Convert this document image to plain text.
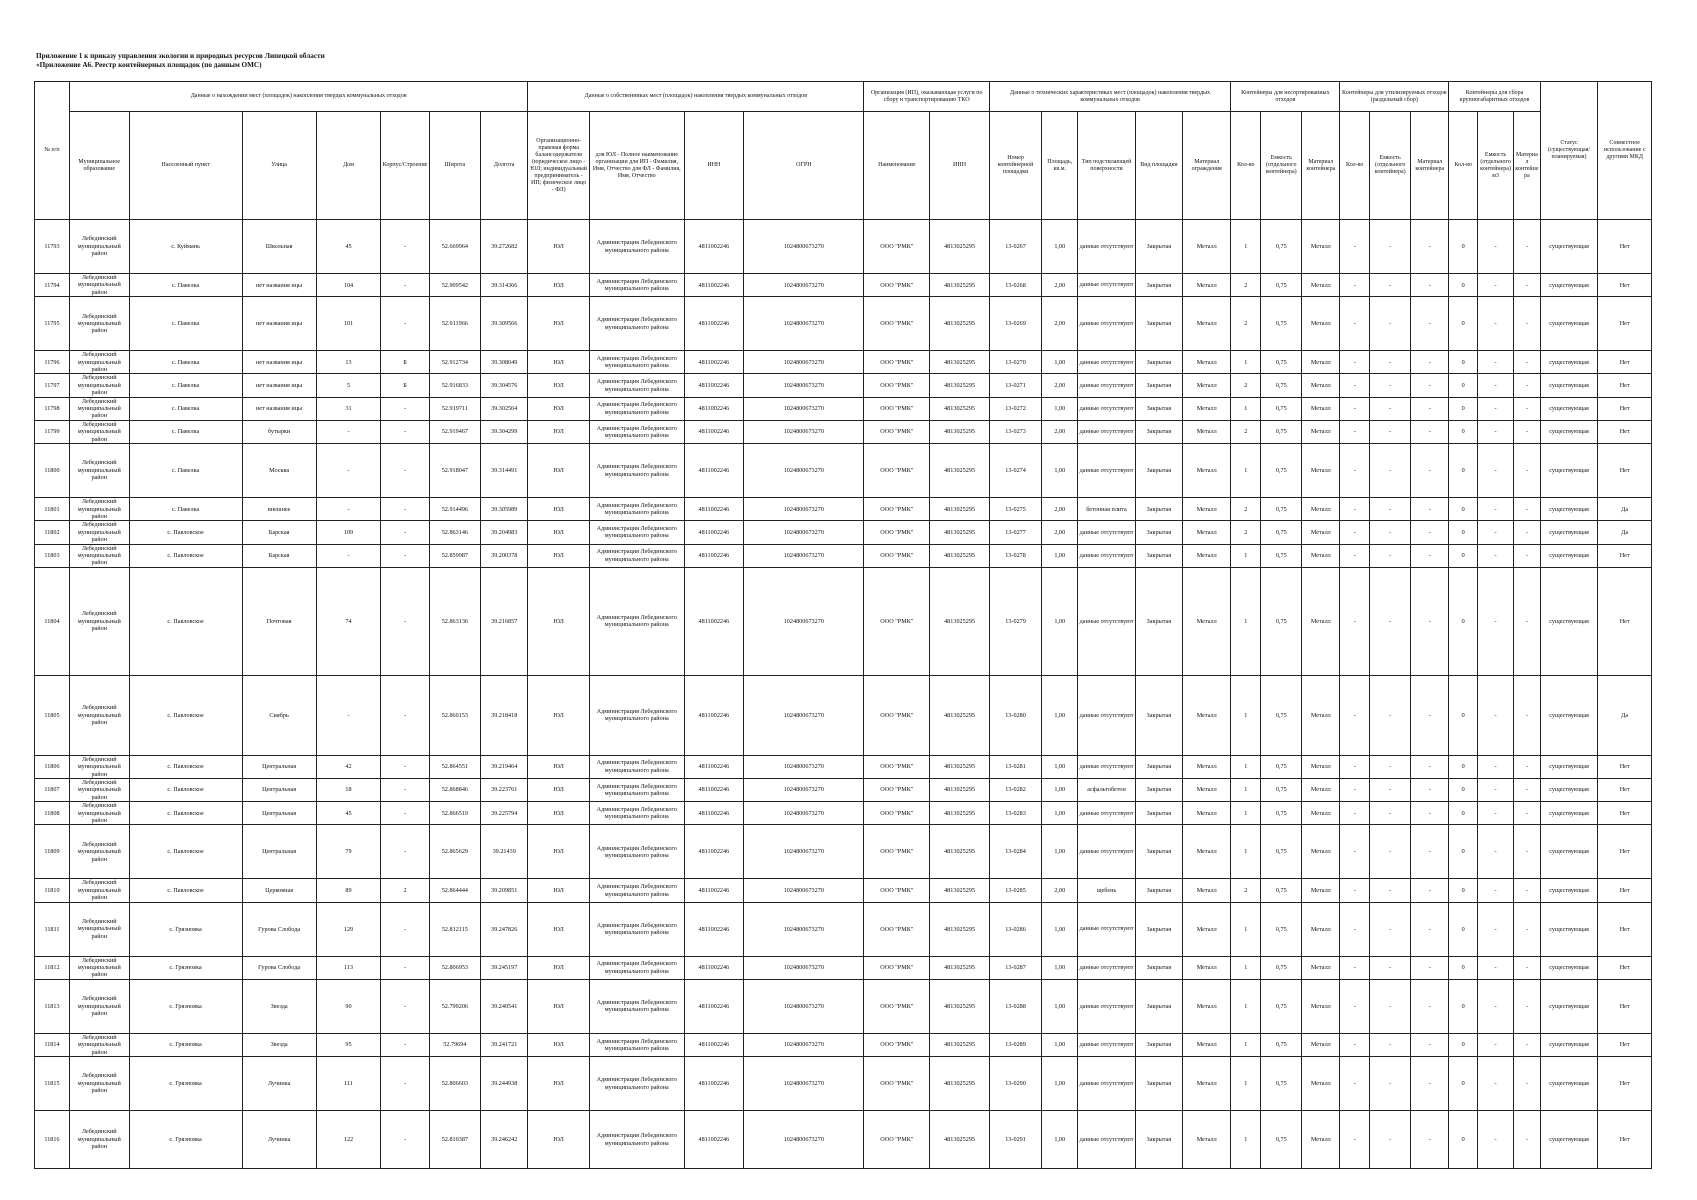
Приложение 1 к приказу управления экологии и природных ресурсов Липецкой области
«Приложение А6. Реестр контейнерных площадок (по данным ОМС)
№ п/п	Данные о нахождении мест (площадок) накопления твердых коммунальных отходов							Данные о собственниках мест (площадок) накопления твердых коммунальных отходов				Организация (ИП), оказывающая услуги по сбору и транспортированию ТКО		Данные о технических характеристиках мест (площадок) накопления твердых коммунальных отходов					Контейнеры для несортированных отходов			Контейнеры для утилизируемых отходов (раздельный сбор)			Контейнеры для сбора крупногабаритных отходов			Статус (существующая/планируемая)	Совместное использование с другими МКД
	Муниципальное образование	Населенный пункт	Улица	Дом	Корпус/Строение	Широта	Долгота	Организационно-правовая форма балансодержателя (юридическое лицо - ЮЛ; индивидуальный предприниматель - ИП; физическое лицо - ФЛ)	для ЮЛ - Полное наименование организации для ИП - Фамилия, Имя, Отчество для ФЛ - Фамилия, Имя, Отчество	ИНН	ОГРН	Наименование	ИНН	Номер контейнерной площадки	Площадь, кв.м.	Тип подстилающей поверхности	Вид площадки	Материал ограждения	Кол-во	Емкость (отдельного контейнера)	Материал контейнера	Кол-во	Емкость (отдельного контейнера)	Материал контейнера	Кол-во	Емкость (отдельного контейнера) м3	Материал контейнера		
11793	Лебединский муниципальный район	с. Куймань	Школьная	45	-	52.669964	39.272682	ЮЛ	Администрация Лебединского муниципального района	4811002246	1024800673270	ООО "РМК"	4813025295	13-0267	1,00	данные отсутствуют	Закрытая	Металл	1	0,75	Металл	-	-	-	0	-	-	существующая	Нет
11794	Лебединский муниципальный район	с. Павелка	нет названия ицы	104	-	52.909542	39.314366	ЮЛ	Администрация Лебединского муниципального района	4811002246	1024800673270	ООО "РМК"	4813025295	13-0268	2,00	данные отсутствуют	Закрытая	Металл	2	0,75	Металл	-	-	-	0	-	-	существующая	Нет
11795	Лебединский муниципальный район	с. Павелка	нет названия ицы	101	-	52.911966	39.309566	ЮЛ	Администрация Лебединского муниципального района	4811002246	1024800673270	ООО "РМК"	4813025295	13-0269	2,00	данные отсутствуют	Закрытая	Металл	2	0,75	Металл	-	-	-	0	-	-	существующая	Нет
11796	Лебединский муниципальный район	с. Павелка	нет названия ицы	13	Б	52.912734	39.308049	ЮЛ	Администрация Лебединского муниципального района	4811002246	1024800673270	ООО "РМК"	4813025295	13-0270	1,00	данные отсутствуют	Закрытая	Металл	1	0,75	Металл	-	-	-	0	-	-	существующая	Нет
11797	Лебединский муниципальный район	с. Павелка	нет названия ицы	5	Б	52.916833	39.304576	ЮЛ	Администрация Лебединского муниципального района	4811002246	1024800673270	ООО "РМК"	4813025295	13-0271	2,00	данные отсутствуют	Закрытая	Металл	2	0,75	Металл	-	-	-	0	-	-	существующая	Нет
11798	Лебединский муниципальный район	с. Павелка	нет названия ицы	31	-	52.919711	39.302564	ЮЛ	Администрация Лебединского муниципального района	4811002246	1024800673270	ООО "РМК"	4813025295	13-0272	1,00	данные отсутствуют	Закрытая	Металл	1	0,75	Металл	-	-	-	0	-	-	существующая	Нет
11799	Лебединский муниципальный район	с. Павелка	бутырки	-	-	52.919467	39.304299	ЮЛ	Администрация Лебединского муниципального района	4811002246	1024800673270	ООО "РМК"	4813025295	13-0273	2,00	данные отсутствуют	Закрытая	Металл	2	0,75	Металл	-	-	-	0	-	-	существующая	Нет
11800	Лебединский муниципальный район	с. Павелка	Москва	-	-	52.918047	39.314491	ЮЛ	Администрация Лебединского муниципального района	4811002246	1024800673270	ООО "РМК"	4813025295	13-0274	1,00	данные отсутствуют	Закрытая	Металл	1	0,75	Металл	-	-	-	0	-	-	существующая	Нет
11801	Лебединский муниципальный район	с. Павелка	внешнее	-	-	52.914496	39.305989	ЮЛ	Администрация Лебединского муниципального района	4811002246	1024800673270	ООО "РМК"	4813025295	13-0275	2,00	бетонная плита	Закрытая	Металл	2	0,75	Металл	-	-	-	0	-	-	существующая	Да
11802	Лебединский муниципальный район	с. Павловское	Барская	109	-	52.863146	39.204983	ЮЛ	Администрация Лебединского муниципального района	4811002246	1024800673270	ООО "РМК"	4813025295	13-0277	2,00	данные отсутствуют	Закрытая	Металл	2	0,75	Металл	-	-	-	0	-	-	существующая	Да
11803	Лебединский муниципальный район	с. Павловское	Барская	-	-	52.859987	39.200378	ЮЛ	Администрация Лебединского муниципального района	4811002246	1024800673270	ООО "РМК"	4813025295	13-0278	1,00	данные отсутствуют	Закрытая	Металл	1	0,75	Металл	-	-	-	0	-	-	существующая	Нет
11804	Лебединский муниципальный район	с. Павловское	Почтовая	74	-	52.863136	39.216857	ЮЛ	Администрация Лебединского муниципального района	4811002246	1024800673270	ООО "РМК"	4813025295	13-0279	1,00	данные отсутствуют	Закрытая	Металл	1	0,75	Металл	-	-	-	0	-	-	существующая	Нет
11805	Лебединский муниципальный район	с. Павловское	Сиябрь	-	-	52.860153	39.218418	ЮЛ	Администрация Лебединского муниципального района	4811002246	1024800673270	ООО "РМК"	4813025295	13-0280	1,00	данные отсутствуют	Закрытая	Металл	1	0,75	Металл	-	-	-	0	-	-	существующая	Да
11806	Лебединский муниципальный район	с. Павловское	Центральная	42	-	52.864551	39.219464	ЮЛ	Администрация Лебединского муниципального района	4811002246	1024800673270	ООО "РМК"	4813025295	13-0281	1,00	данные отсутствуют	Закрытая	Металл	1	0,75	Металл	-	-	-	0	-	-	существующая	Нет
11807	Лебединский муниципальный район	с. Павловское	Центральная	18	-	52.868846	39.223761	ЮЛ	Администрация Лебединского муниципального района	4811002246	1024800673270	ООО "РМК"	4813025295	13-0282	1,00	асфальтобетон	Закрытая	Металл	1	0,75	Металл	-	-	-	0	-	-	существующая	Нет
11808	Лебединский муниципальный район	с. Павловское	Центральная	45	-	52.866519	39.225794	ЮЛ	Администрация Лебединского муниципального района	4811002246	1024800673270	ООО "РМК"	4813025295	13-0283	1,00	данные отсутствуют	Закрытая	Металл	1	0,75	Металл	-	-	-	0	-	-	существующая	Нет
11809	Лебединский муниципальный район	с. Павловское	Центральная	79	-	52.865629	39.21439	ЮЛ	Администрация Лебединского муниципального района	4811002246	1024800673270	ООО "РМК"	4813025295	13-0284	1,00	данные отсутствуют	Закрытая	Металл	1	0,75	Металл	-	-	-	0	-	-	существующая	Нет
11810	Лебединский муниципальный район	с. Павловское	Церковная	89	2	52.864444	39.209851	ЮЛ	Администрация Лебединского муниципального района	4811002246	1024800673270	ООО "РМК"	4813025295	13-0285	2,00	щебень	Закрытая	Металл	2	0,75	Металл	-	-	-	0	-	-	существующая	Нет
11811	Лебединский муниципальный район	с. Грязновка	Гурова Слобода	129	-	52.812115	39.247826	ЮЛ	Администрация Лебединского муниципального района	4811002246	1024800673270	ООО "РМК"	4813025295	13-0286	1,00	данные отсутствуют	Закрытая	Металл	1	0,75	Металл	-	-	-	0	-	-	существующая	Нет
11812	Лебединский муниципальный район	с. Грязновка	Гурова Слобода	113	-	52.806953	39.245197	ЮЛ	Администрация Лебединского муниципального района	4811002246	1024800673270	ООО "РМК"	4813025295	13-0287	1,00	данные отсутствуют	Закрытая	Металл	1	0,75	Металл	-	-	-	0	-	-	существующая	Нет
11813	Лебединский муниципальный район	с. Грязновка	Звезда	90	-	52.799206	39.240541	ЮЛ	Администрация Лебединского муниципального района	4811002246	1024800673270	ООО "РМК"	4813025295	13-0288	1,00	данные отсутствуют	Закрытая	Металл	1	0,75	Металл	-	-	-	0	-	-	существующая	Нет
11814	Лебединский муниципальный район	с. Грязновка	Звезда	95	-	52.79694	39.241721	ЮЛ	Администрация Лебединского муниципального района	4811002246	1024800673270	ООО "РМК"	4813025295	13-0289	1,00	данные отсутствуют	Закрытая	Металл	1	0,75	Металл	-	-	-	0	-	-	существующая	Нет
11815	Лебединский муниципальный район	с. Грязновка	Лучинка	111	-	52.806603	39.244938	ЮЛ	Администрация Лебединского муниципального района	4811002246	1024800673270	ООО "РМК"	4813025295	13-0290	1,00	данные отсутствуют	Закрытая	Металл	1	0,75	Металл	-	-	-	0	-	-	существующая	Нет
11816	Лебединский муниципальный район	с. Грязновка	Лучинка	122	-	52.810387	39.246242	ЮЛ	Администрация Лебединского муниципального района	4811002246	1024800673270	ООО "РМК"	4813025295	13-0291	1,00	данные отсутствуют	Закрытая	Металл	1	0,75	Металл	-	-	-	0	-	-	существующая	Нет
